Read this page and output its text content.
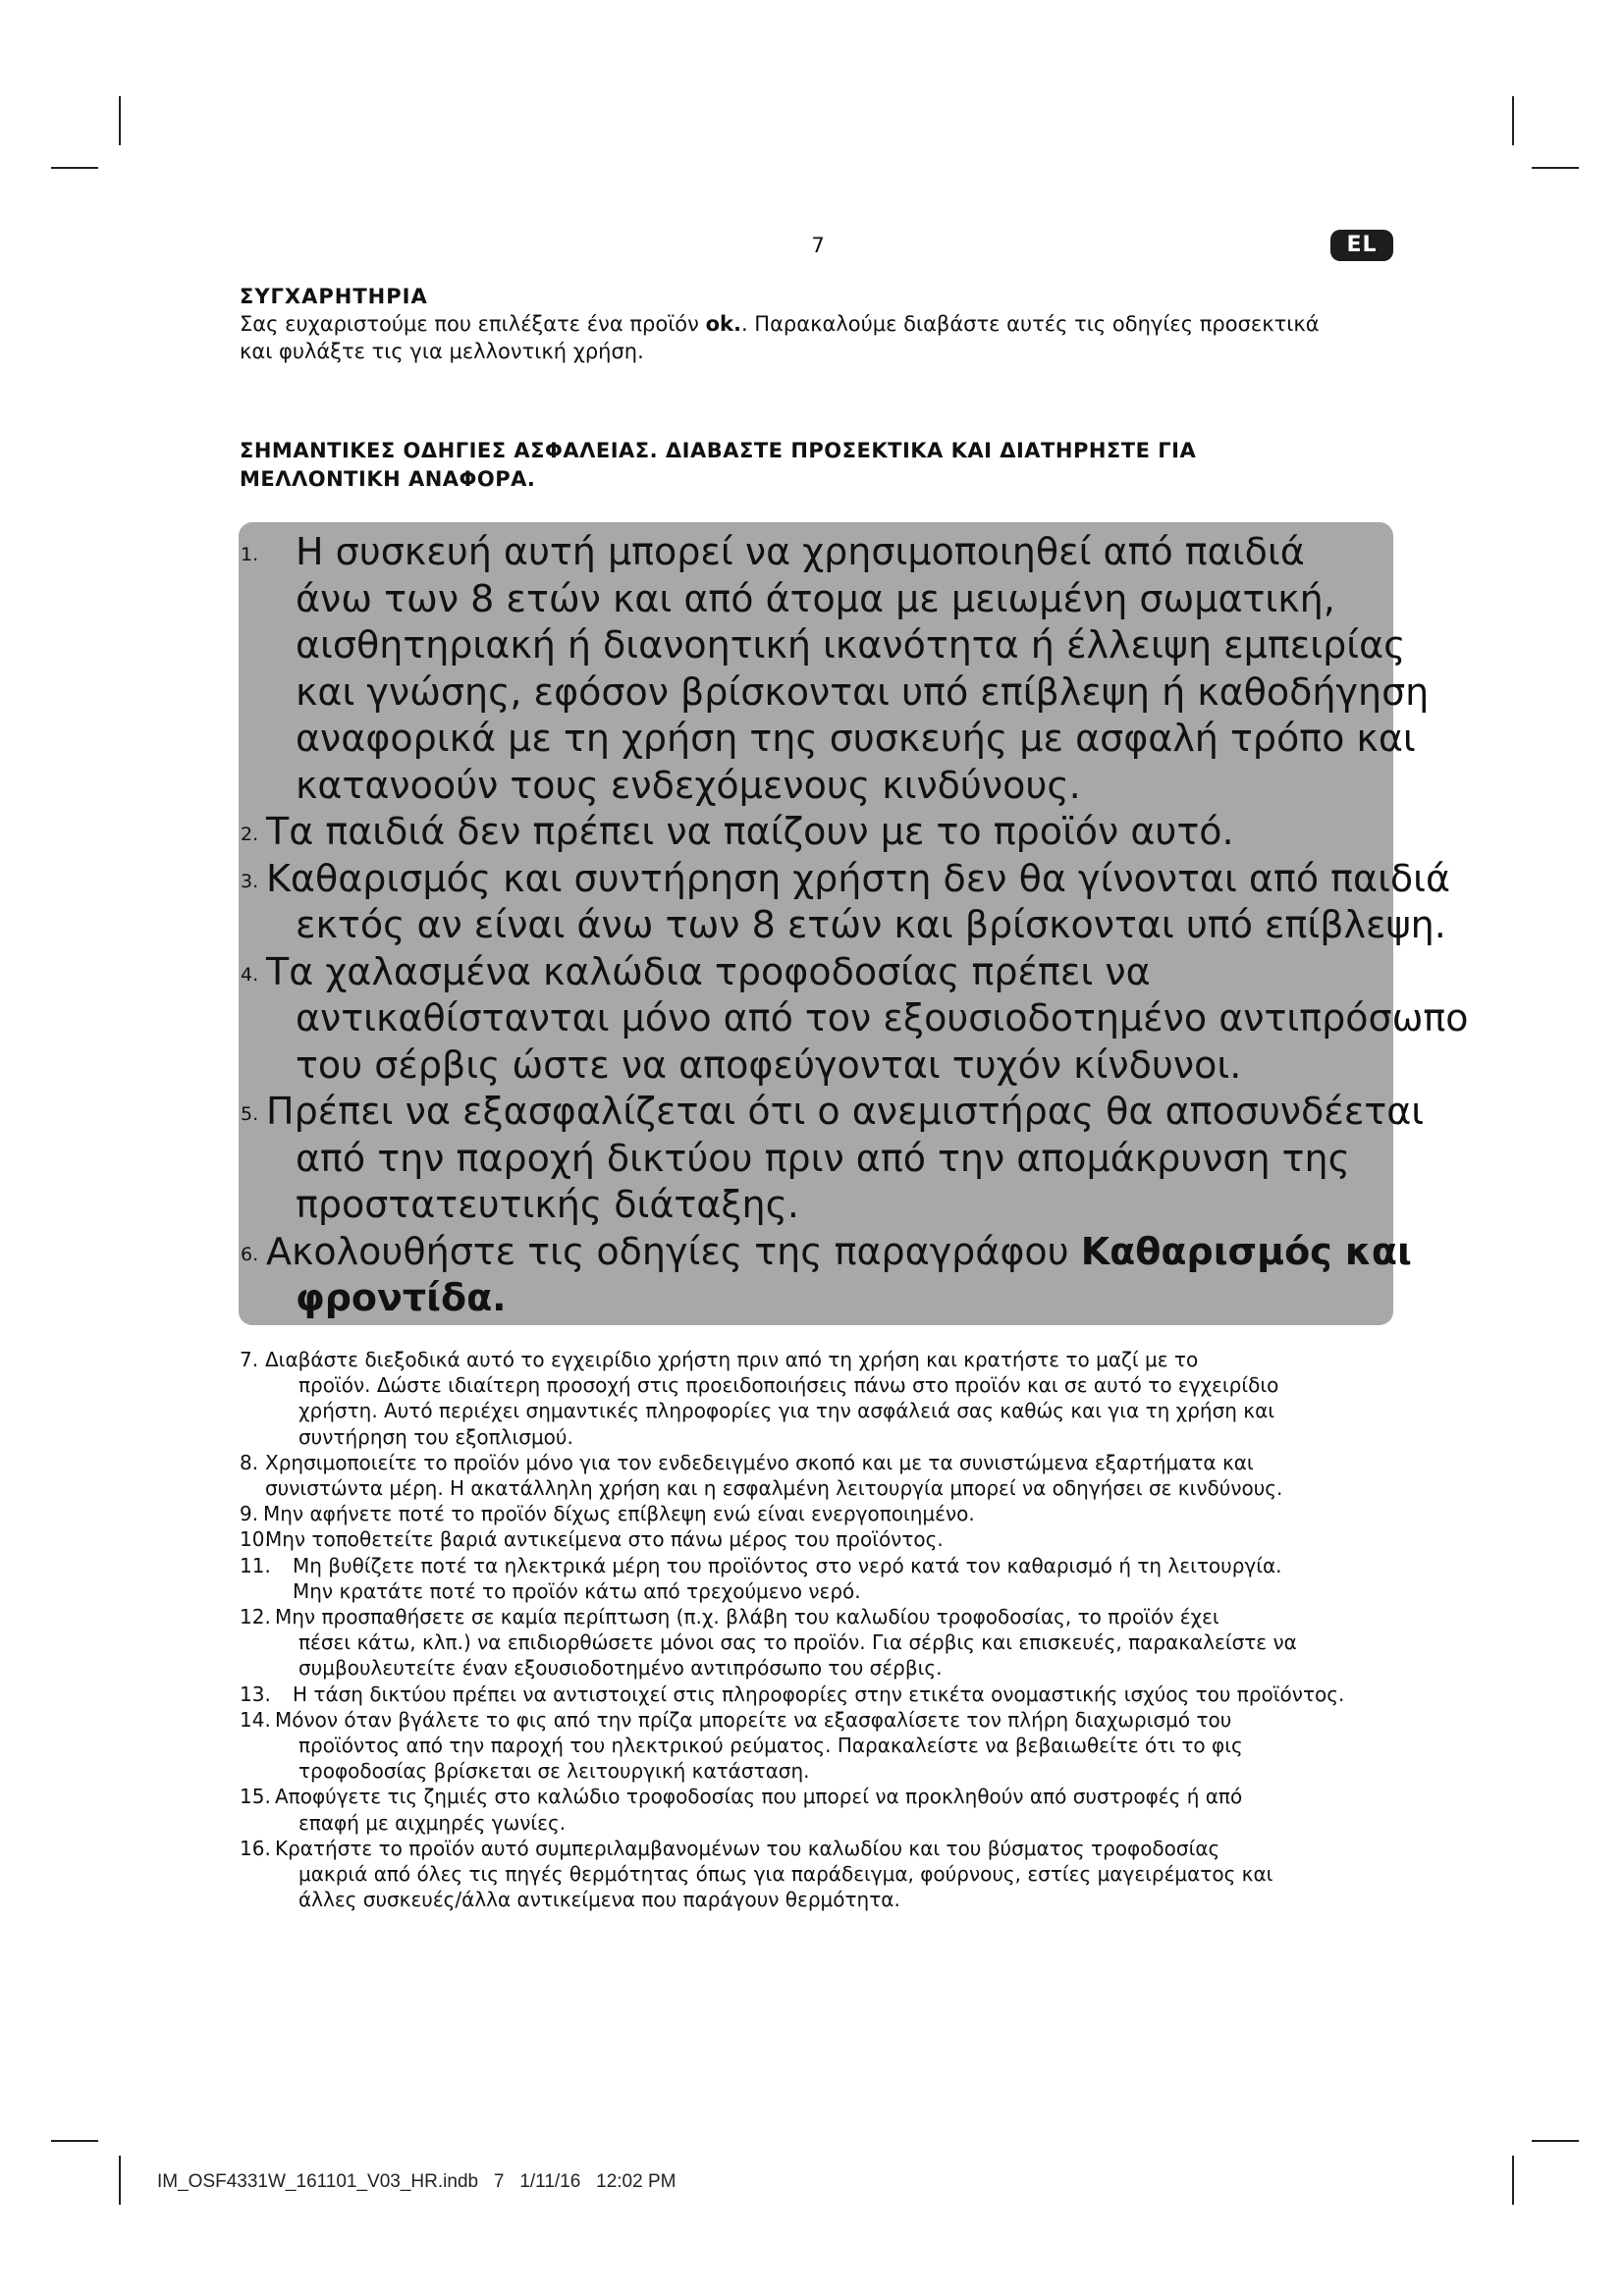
7	EL
ΣΥΓΧΑΡΗΤΗΡΙΑ
Σας ευχαριστούμε που επιλέξατε ένα προϊόν ok.. Παρακαλούμε διαβάστε αυτές τις οδηγίες προσεκτικά
και φυλάξτε τις για μελλοντική χρήση.
ΣΗΜΑΝΤΙΚΕΣ ΟΔΗΓΙΕΣ ΑΣΦΑΛΕΙΑΣ. ΔΙΑΒΑΣΤΕ ΠΡΟΣΕΚΤΙΚΑ ΚΑΙ ΔΙΑΤΗΡΗΣΤΕ ΓΙΑ
ΜΕΛΛΟΝΤΙΚΗ ΑΝΑΦΟΡΑ.
1. Η συσκευή αυτή μπορεί να χρησιμοποιηθεί από παιδιά
άνω των 8 ετών και από άτομα με μειωμένη σωματική,
αισθητηριακή ή διανοητική ικανότητα ή έλλειψη εμπειρίας
και γνώσης, εφόσον βρίσκονται υπό επίβλεψη ή καθοδήγηση
αναφορικά με τη χρήση της συσκευής με ασφαλή τρόπο και
κατανοούν τους ενδεχόμενους κινδύνους.
2. Τα παιδιά δεν πρέπει να παίζουν με το προϊόν αυτό.
3. Καθαρισμός και συντήρηση χρήστη δεν θα γίνονται από παιδιά
εκτός αν είναι άνω των 8 ετών και βρίσκονται υπό επίβλεψη.
4. Τα χαλασμένα καλώδια τροφοδοσίας πρέπει να
αντικαθίστανται μόνο από τον εξουσιοδοτημένο αντιπρόσωπο
του σέρβις ώστε να αποφεύγονται τυχόν κίνδυνοι.
5. Πρέπει να εξασφαλίζεται ότι ο ανεμιστήρας θα αποσυνδέεται
από την παροχή δικτύου πριν από την απομάκρυνση της
προστατευτικής διάταξης.
6. Ακολουθήστε τις οδηγίες της παραγράφου Καθαρισμός και
φροντίδα.
7. Διαβάστε διεξοδικά αυτό το εγχειρίδιο χρήστη πριν από τη χρήση και κρατήστε το μαζί με το
προϊόν. Δώστε ιδιαίτερη προσοχή στις προειδοποιήσεις πάνω στο προϊόν και σε αυτό το εγχειρίδιο
χρήστη. Αυτό περιέχει σημαντικές πληροφορίες για την ασφάλειά σας καθώς και για τη χρήση και
συντήρηση του εξοπλισμού.
8. Χρησιμοποιείτε το προϊόν μόνο για τον ενδεδειγμένο σκοπό και με τα συνιστώμενα εξαρτήματα και
συνιστώντα μέρη. Η ακατάλληλη χρήση και η εσφαλμένη λειτουργία μπορεί να οδηγήσει σε κινδύνους.
9. Μην αφήνετε ποτέ το προϊόν δίχως επίβλεψη ενώ είναι ενεργοποιημένο.
10.
Μην τοποθετείτε βαριά αντικείμενα στο πάνω μέρος του προϊόντος.
11. Μη βυθίζετε ποτέ τα ηλεκτρικά μέρη του προϊόντος στο νερό κατά τον καθαρισμό ή τη λειτουργία.
Μην κρατάτε ποτέ το προϊόν κάτω από τρεχούμενο νερό.
12. Μην προσπαθήσετε σε καμία περίπτωση (π.χ. βλάβη του καλωδίου τροφοδοσίας, το προϊόν έχει
πέσει κάτω, κλπ.) να επιδιορθώσετε μόνοι σας το προϊόν. Για σέρβις και επισκευές, παρακαλείστε να
συμβουλευτείτε έναν εξουσιοδοτημένο αντιπρόσωπο του σέρβις.
13. Η τάση δικτύου πρέπει να αντιστοιχεί στις πληροφορίες στην ετικέτα ονομαστικής ισχύος του προϊόντος.
14. Μόνον όταν βγάλετε το φις από την πρίζα μπορείτε να εξασφαλίσετε τον πλήρη διαχωρισμό του
προϊόντος από την παροχή του ηλεκτρικού ρεύματος. Παρακαλείστε να βεβαιωθείτε ότι το φις
τροφοδοσίας βρίσκεται σε λειτουργική κατάσταση.
15. Αποφύγετε τις ζημιές στο καλώδιο τροφοδοσίας που μπορεί να προκληθούν από συστροφές ή από
επαφή με αιχμηρές γωνίες.
16. Κρατήστε το προϊόν αυτό συμπεριλαμβανομένων του καλωδίου και του βύσματος τροφοδοσίας
μακριά από όλες τις πηγές θερμότητας όπως για παράδειγμα, φούρνους, εστίες μαγειρέματος και
άλλες συσκευές/άλλα αντικείμενα που παράγουν θερμότητα.
IM_OSF4331W_161101_V03_HR.indb   7   1/11/16   12:02 PM
